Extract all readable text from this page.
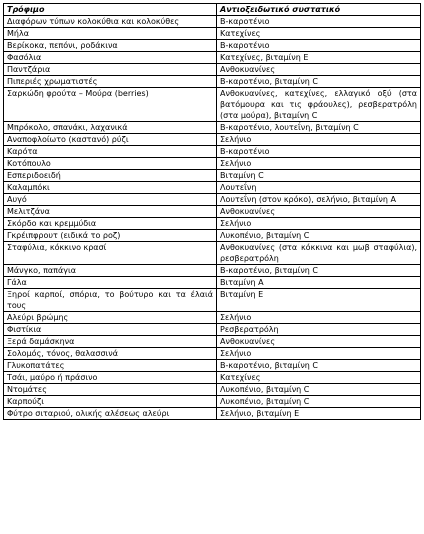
Τρόφιμο	Αντιοξειδωτικό συστατικό
Διαφόρων τύπων κολοκύθια και κολοκύθες	Β-καροτένιο
Μήλα	Κατεχίνες
Βερίκοκα, πεπόνι, ροδάκινα	Β-καροτένιο
Φασόλια	Κατεχίνες, βιταμίνη Ε
Παντζάρια	Ανθοκυανίνες
Πιπεριές χρωματιστές	Β-καροτένιο, βιταμίνη C
Σαρκώδη φρούτα – Μούρα (berries)	Ανθοκυανίνες, κατεχίνες, ελλαγικό οξύ (στα βατόμουρα και τις φράουλες), ρεσβερατρόλη (στα μούρα), βιταμίνη C
Μπρόκολο, σπανάκι, λαχανικά	Β-καροτένιο, λουτεΐνη, βιταμίνη C
Αναποφλοίωτο (καστανό) ρύζι	Σελήνιο
Καρότα	Β-καροτένιο
Κοτόπουλο	Σελήνιο
Εσπεριδοειδή	Βιταμίνη C
Καλαμπόκι	Λουτεΐνη
Αυγό	Λουτεΐνη (στον κρόκο), σελήνιο, βιταμίνη Α
Μελιτζάνα	Ανθοκυανίνες
Σκόρδο και κρεμμύδια	Σελήνιο
Γκρέιπφρουτ (ειδικά το ροζ)	Λυκοπένιο, βιταμίνη C
Σταφύλια, κόκκινο κρασί	Ανθοκυανίνες (στα κόκκινα και μωβ σταφύλια), ρεσβερατρόλη
Μάνγκο, παπάγια	Β-καροτένιο, βιταμίνη C
Γάλα	Βιταμίνη Α
Ξηροί καρποί, σπόρια, το βούτυρο και τα έλαιά τους	Βιταμίνη Ε
Αλεύρι βρώμης	Σελήνιο
Φιστίκια	Ρεσβερατρόλη
Ξερά δαμάσκηνα	Ανθοκυανίνες
Σολομός, τόνος, θαλασσινά	Σελήνιο
Γλυκοπατάτες	Β-καροτένιο, βιταμίνη C
Τσάι, μαύρο ή πράσινο	Κατεχίνες
Ντομάτες	Λυκοπένιο, βιταμίνη C
Καρπούζι	Λυκοπένιο, βιταμίνη C
Φύτρο σιταριού, ολικής αλέσεως αλεύρι	Σελήνιο, βιταμίνη Ε
